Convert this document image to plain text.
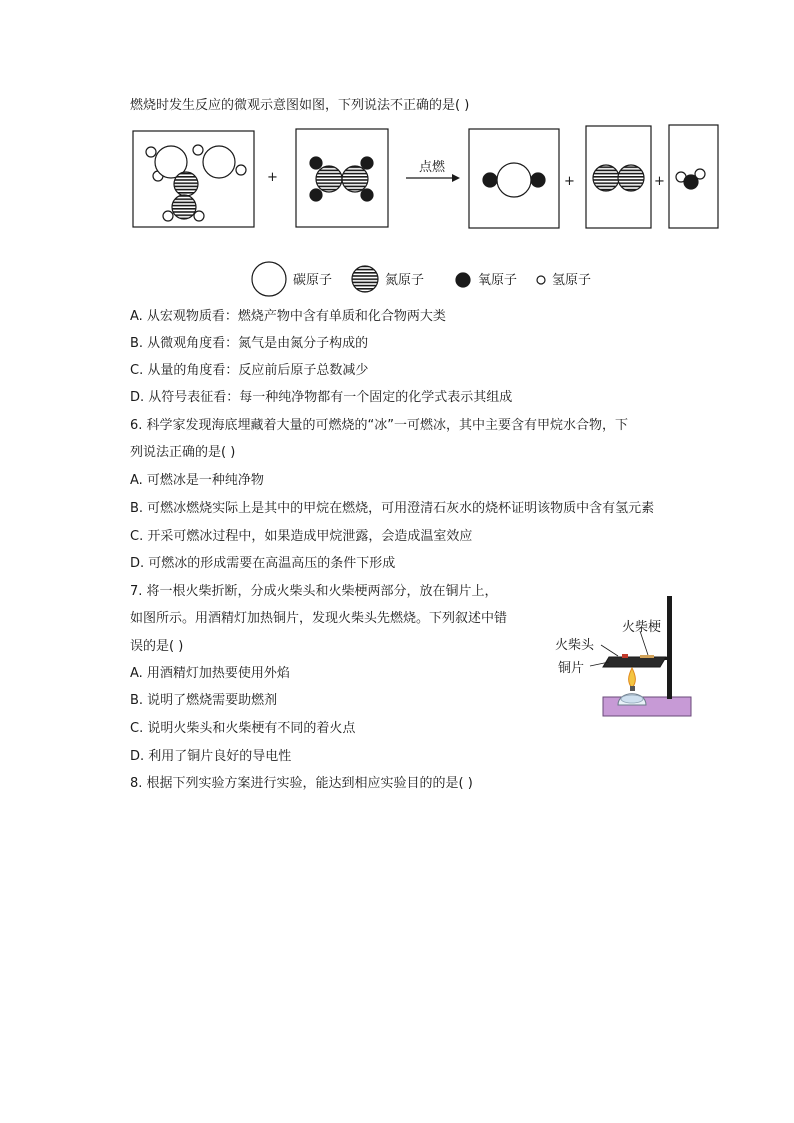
燃烧时发生反应的微观示意图如图，下列说法不正确的是( )
+
点燃
+	+
碳原子	氮原子	氧原子	氢原子
A. 从宏观物质看：燃烧产物中含有单质和化合物两大类
B. 从微观角度看：氮气是由氮分子构成的
C. 从量的角度看：反应前后原子总数减少
D. 从符号表征看：每一种纯净物都有一个固定的化学式表示其组成
6. 科学家发现海底埋藏着大量的可燃烧的“冰”一可燃冰，其中主要含有甲烷水合物，下
列说法正确的是( )
A. 可燃冰是一种纯净物
B. 可燃冰燃烧实际上是其中的甲烷在燃烧，可用澄清石灰水的烧杯证明该物质中含有氢元素
C. 开采可燃冰过程中，如果造成甲烷泄露，会造成温室效应
D. 可燃冰的形成需要在高温高压的条件下形成
7. 将一根火柴折断，分成火柴头和火柴梗两部分，放在铜片上，
如图所示。用酒精灯加热铜片，发现火柴头先燃烧。下列叙述中错
误的是( )
A. 用酒精灯加热要使用外焰
B. 说明了燃烧需要助燃剂
C. 说明火柴头和火柴梗有不同的着火点
D. 利用了铜片良好的导电性
火柴梗
火柴头
铜片
8. 根据下列实验方案进行实验，能达到相应实验目的的是( )
